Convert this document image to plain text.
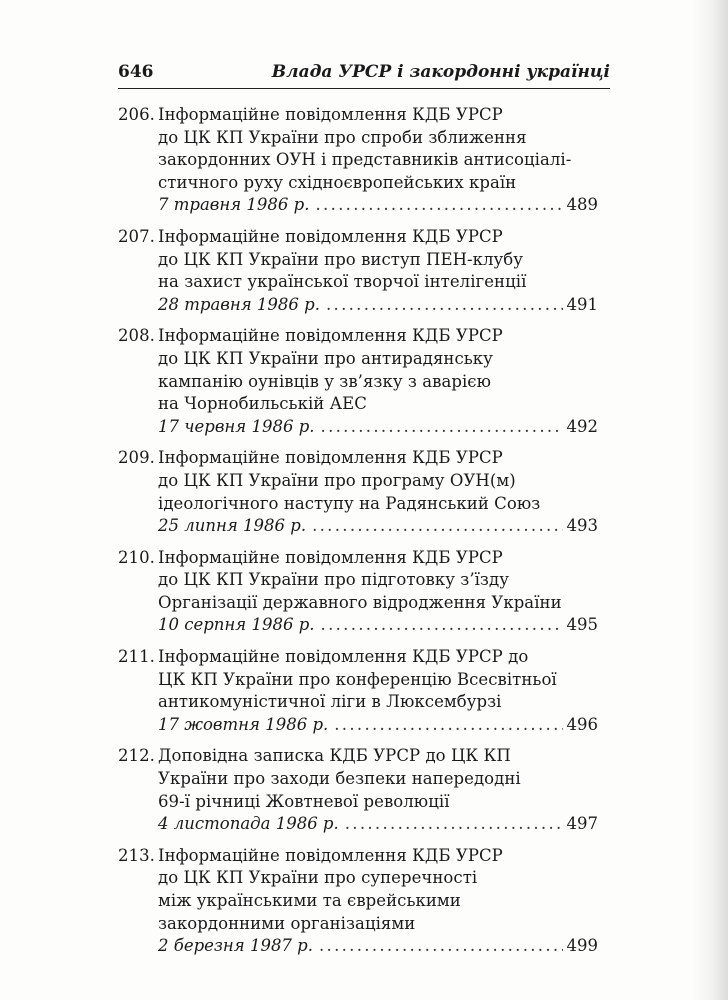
646	Влада УРСР і закордонні українці
206. Інформаційне повідомлення КДБ УРСР
до ЦК КП України про спроби зближення
закордонних ОУН і представників антисоціалі-
стичного руху східноєвропейських країн
7 травня 1986 р. .....	489
207. Інформаційне повідомлення КДБ УРСР
до ЦК КП України про виступ ПЕН-клубу
на захист української творчої інтелігенції
28 травня 1986 р. .....	491
208. Інформаційне повідомлення КДБ УРСР
до ЦК КП України про антирадянську
кампанію оунівців у зв’язку з аварією
на Чорнобильській АЕС
17 червня 1986 р. .....	492
209. Інформаційне повідомлення КДБ УРСР
до ЦК КП України про програму ОУН(м)
ідеологічного наступу на Радянський Союз
25 липня 1986 р. .....	493
210. Інформаційне повідомлення КДБ УРСР
до ЦК КП України про підготовку з’їзду
Організації державного відродження України
10 серпня 1986 р. .....	495
211. Інформаційне повідомлення КДБ УРСР до
ЦК КП України про конференцію Всесвітньої
антикомуністичної ліги в Люксембурзі
17 жовтня 1986 р. .....	496
212. Доповідна записка КДБ УРСР до ЦК КП
України про заходи безпеки напередодні
69-ї річниці Жовтневої революції
4 листопада 1986 р. .....	497
213. Інформаційне повідомлення КДБ УРСР
до ЦК КП України про суперечності
між українськими та єврейськими
закордонними організаціями
2 березня 1987 р. .....	499
